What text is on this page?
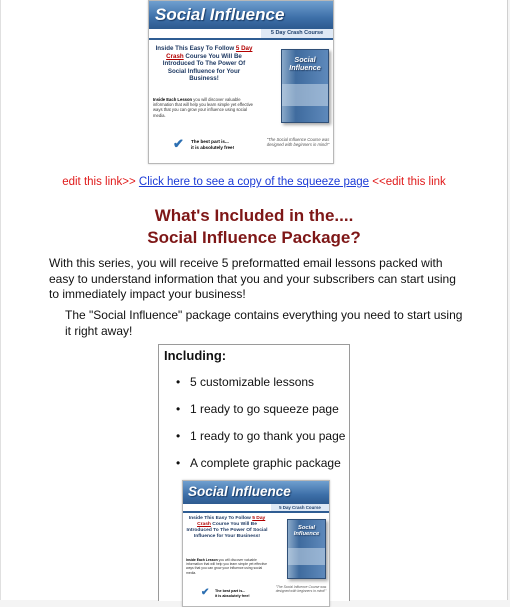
Social Influence
5 Day Crash Course
Inside This Easy To Follow 5 Day Crash Course You Will Be Introduced To The Power Of Social Influence for Your Business!
Inside Each Lesson you will discover valuable information that will help you learn simple yet effective ways that you can grow your influence using social media.
✔ The best part is...
it is absolutely free!
Social Influence
"The Social Influence Course was designed with beginners in mind!"
edit this link>> Click here to see a copy of the squeeze page <<edit this link
What's Included in the....
Social Influence Package?
With this series, you will receive 5 preformatted email lessons packed with easy to understand information that you and your subscribers can start using to immediately impact your business!
The "Social Influence" package contains everything you need to start using it right away!
Including:
• 5 customizable lessons
• 1 ready to go squeeze page
• 1 ready to go thank you page
• A complete graphic package
Social Influence
5 Day Crash Course
Inside This Easy To Follow 5 Day Crash Course You Will Be Introduced To The Power Of Social Influence for Your Business!
Inside Each Lesson you will discover valuable information that will help you learn simple yet effective ways that you can grow your influence using social media.
✔ The best part is...
it is absolutely free!
Social Influence
"The Social Influence Course was designed with beginners in mind!"
